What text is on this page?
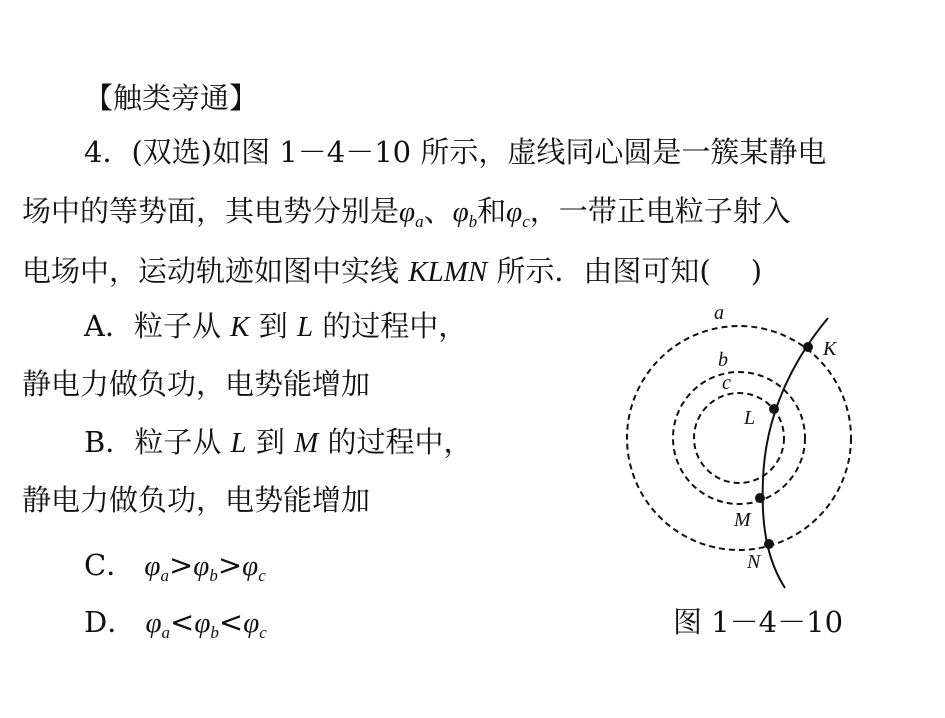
【触类旁通】
4．(双选)如图 1－4－10 所示，虚线同心圆是一簇某静电
场中的等势面，其电势分别是$\varphi_a$、$\varphi_b$和$\varphi_c$，一带正电粒子射入
电场中，运动轨迹如图中实线 KLMN 所示．由图可知( )
A．粒子从 K 到 L 的过程中，
静电力做负功，电势能增加
B．粒子从 L 到 M 的过程中，
静电力做负功，电势能增加
C． $\varphi_a>\varphi_b>\varphi_c$
D． $\varphi_a<\varphi_b<\varphi_c$
a
b
c
K
L
M
N
图 1－4－10
